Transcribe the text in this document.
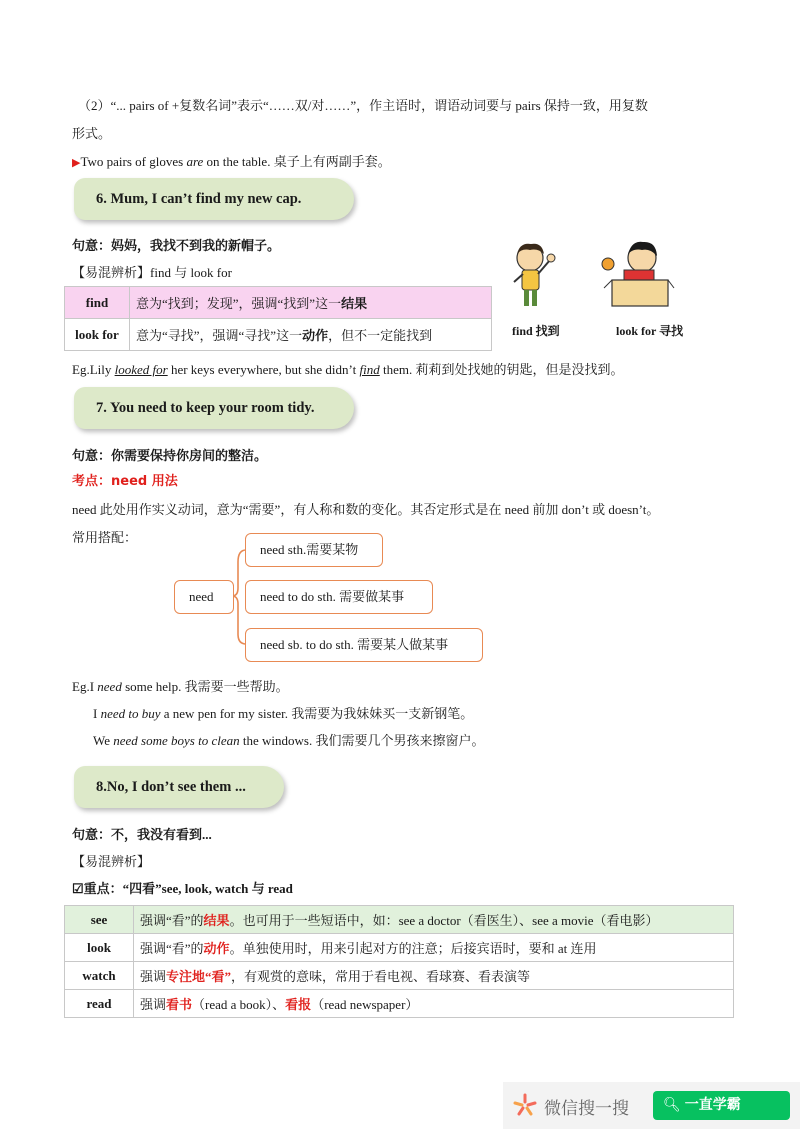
（2）“... pairs of +复数名词”表示“……双/对……”，作主语时，谓语动词要与 pairs 保持一致，用复数
形式。
▶Two pairs of gloves are on the table. 桌子上有两副手套。
6. Mum, I can’t find my new cap.
句意：妈妈，我找不到我的新帽子。
【易混辨析】find 与 look for
find	意为“找到；发现”，强调“找到”这一结果
look for	意为“寻找”，强调“寻找”这一动作，但不一定能找到	find 找到	look for 寻找
Eg.Lily looked for her keys everywhere, but she didn’t find them. 莉莉到处找她的钥匙，但是没找到。
7. You need to keep your room tidy.
句意：你需要保持你房间的整洁。
考点：need 用法
need 此处用作实义动词，意为“需要”，有人称和数的变化。其否定形式是在 need 前加 don’t 或 doesn’t。
常用搭配：
need
need sth.需要某物
need to do sth. 需要做某事
need sb. to do sth. 需要某人做某事
Eg.I need some help. 我需要一些帮助。
I need to buy a new pen for my sister. 我需要为我妹妹买一支新钢笔。
We need some boys to clean the windows. 我们需要几个男孩来擦窗户。
8.No, I don’t see them ...
句意：不，我没有看到...
【易混辨析】
☑重点：“四看”see, look, watch 与 read
see	强调“看”的结果。也可用于一些短语中，如：see a doctor（看医生）、see a movie（看电影）
look	强调“看”的动作。单独使用时，用来引起对方的注意；后接宾语时，要和 at 连用
watch	强调专注地“看”，有观赏的意味，常用于看电视、看球赛、看表演等
read	强调看书（read a book）、看报（read newspaper）
微信搜一搜	🔍︎ 一直学霸
